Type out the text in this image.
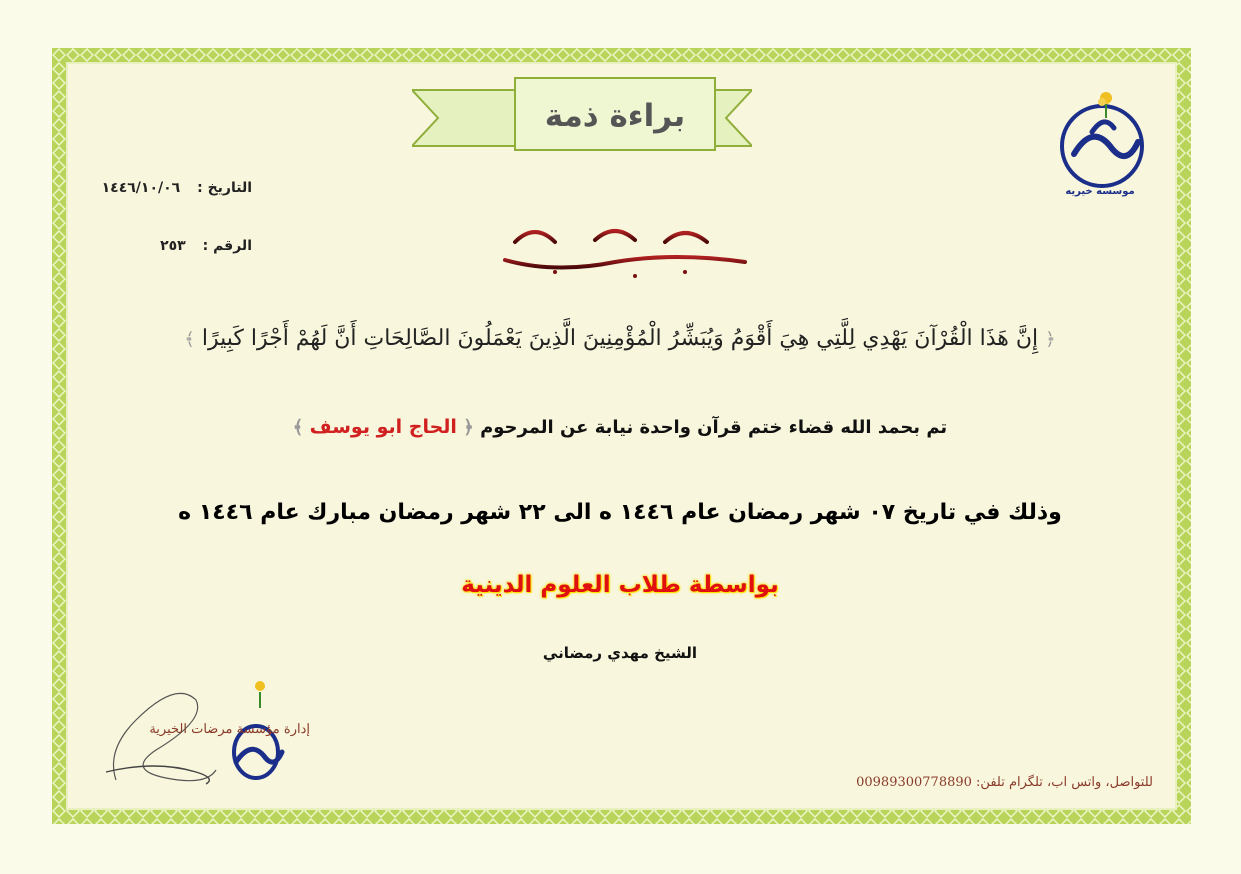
براءة ذمة
موسسه خيريه
التاريخ : ١٤٤٦/١٠/٠٦
الرقم : ٢٥٣
﴿ إِنَّ هَذَا الْقُرْآنَ يَهْدِي لِلَّتِي هِيَ أَقْوَمُ وَيُبَشِّرُ الْمُؤْمِنِينَ الَّذِينَ يَعْمَلُونَ الصَّالِحَاتِ أَنَّ لَهُمْ أَجْرًا كَبِيرًا ﴾
تم بحمد الله قضاء ختم قرآن واحدة نيابة عن المرحوم ﴿ الحاج ابو يوسف ﴾
وذلك في تاريخ ٠٧ شهر رمضان عام ١٤٤٦ ه الى ٢٢ شهر رمضان مبارك عام ١٤٤٦ ه
بواسطة طلاب العلوم الدينية
الشيخ مهدي رمضاني
إدارة مؤسسة مرضات الخيرية
للتواصل، واتس اب، تلگرام تلفن: 00989300778890
